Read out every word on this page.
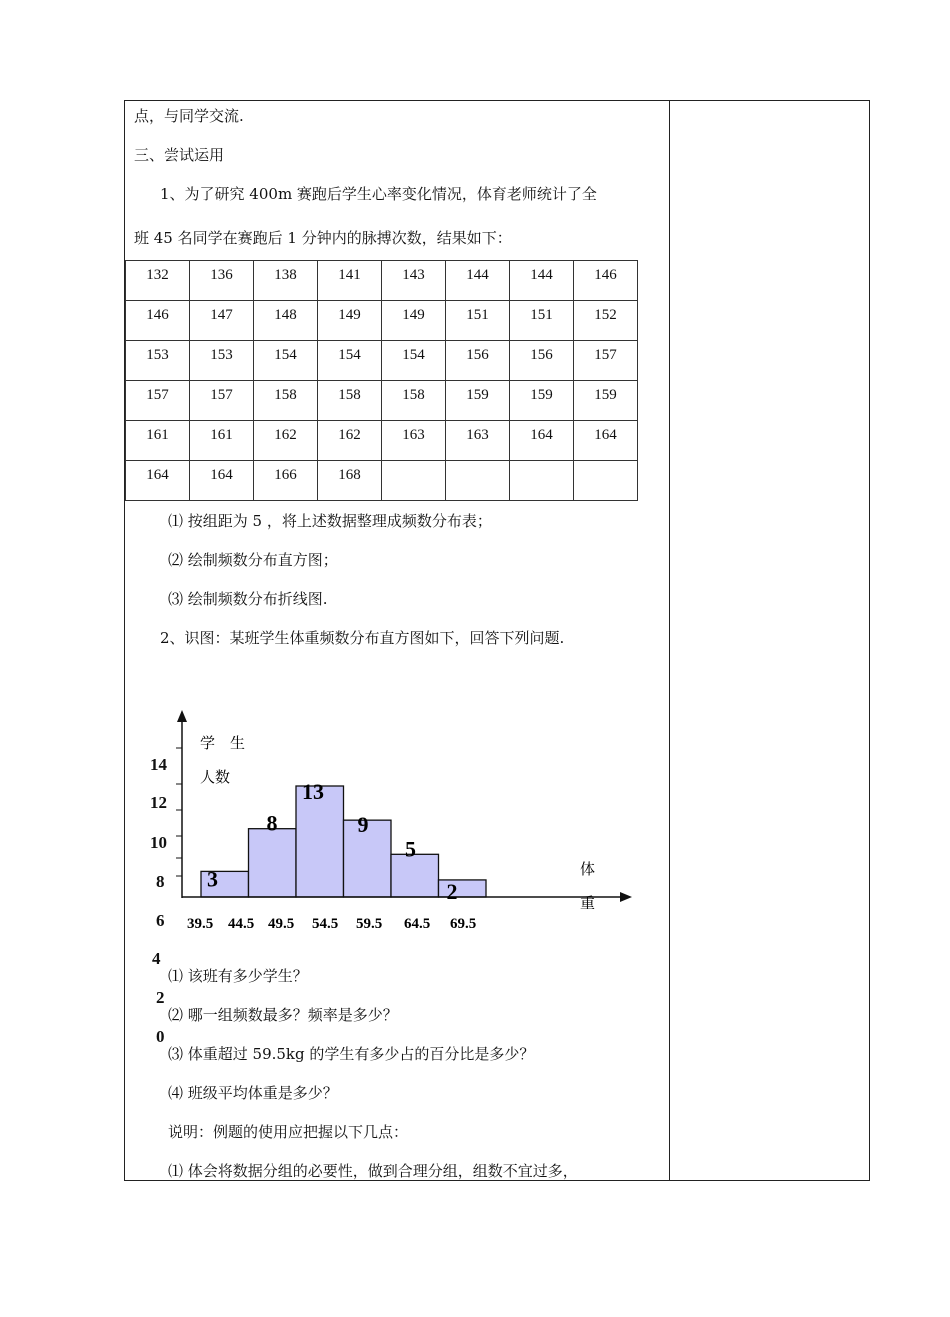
点，与同学交流.
三、尝试运用
1、为了研究 400m 赛跑后学生心率变化情况，体育老师统计了全
班 45 名同学在赛跑后 1 分钟内的脉搏次数，结果如下：
132	136	138	141	143	144	144	146
146	147	148	149	149	151	151	152
153	153	154	154	154	156	156	157
157	157	158	158	158	159	159	159
161	161	162	162	163	163	164	164
164	164	166	168				
⑴ 按组距为 5 ，将上述数据整理成频数分布表；
⑵ 绘制频数分布直方图；
⑶ 绘制频数分布折线图.
2、识图：某班学生体重频数分布直方图如下，回答下列问题.
学　生
人数
体
重
39.5 44.5 49.5 54.5 59.5 64.5 69.5
3
8
13
9
5
2
14
12
10
8
6
4
2
0
⑴ 该班有多少学生？
⑵ 哪一组频数最多？频率是多少？
⑶ 体重超过 59.5kg 的学生有多少占的百分比是多少？
⑷ 班级平均体重是多少？
说明：例题的使用应把握以下几点：
⑴ 体会将数据分组的必要性，做到合理分组，组数不宜过多，
